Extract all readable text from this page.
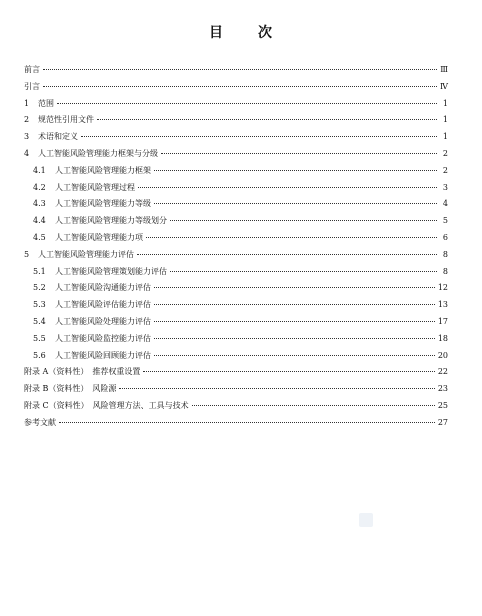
目 次
前言	Ⅲ
引言	Ⅳ
1	范围	1
2	规范性引用文件	1
3	术语和定义	1
4	人工智能风险管理能力框架与分级	2
4.1	人工智能风险管理能力框架	2
4.2	人工智能风险管理过程	3
4.3	人工智能风险管理能力等级	4
4.4	人工智能风险管理能力等级划分	5
4.5	人工智能风险管理能力项	6
5	人工智能风险管理能力评估	8
5.1	人工智能风险管理策划能力评估	8
5.2	人工智能风险沟通能力评估	12
5.3	人工智能风险评估能力评估	13
5.4	人工智能风险处理能力评估	17
5.5	人工智能风险监控能力评估	18
5.6	人工智能风险回顾能力评估	20
附录 A（资料性）　推荐权重设置	22
附录 B（资料性）　风险源	23
附录 C（资料性）　风险管理方法、工具与技术	25
参考文献	27
